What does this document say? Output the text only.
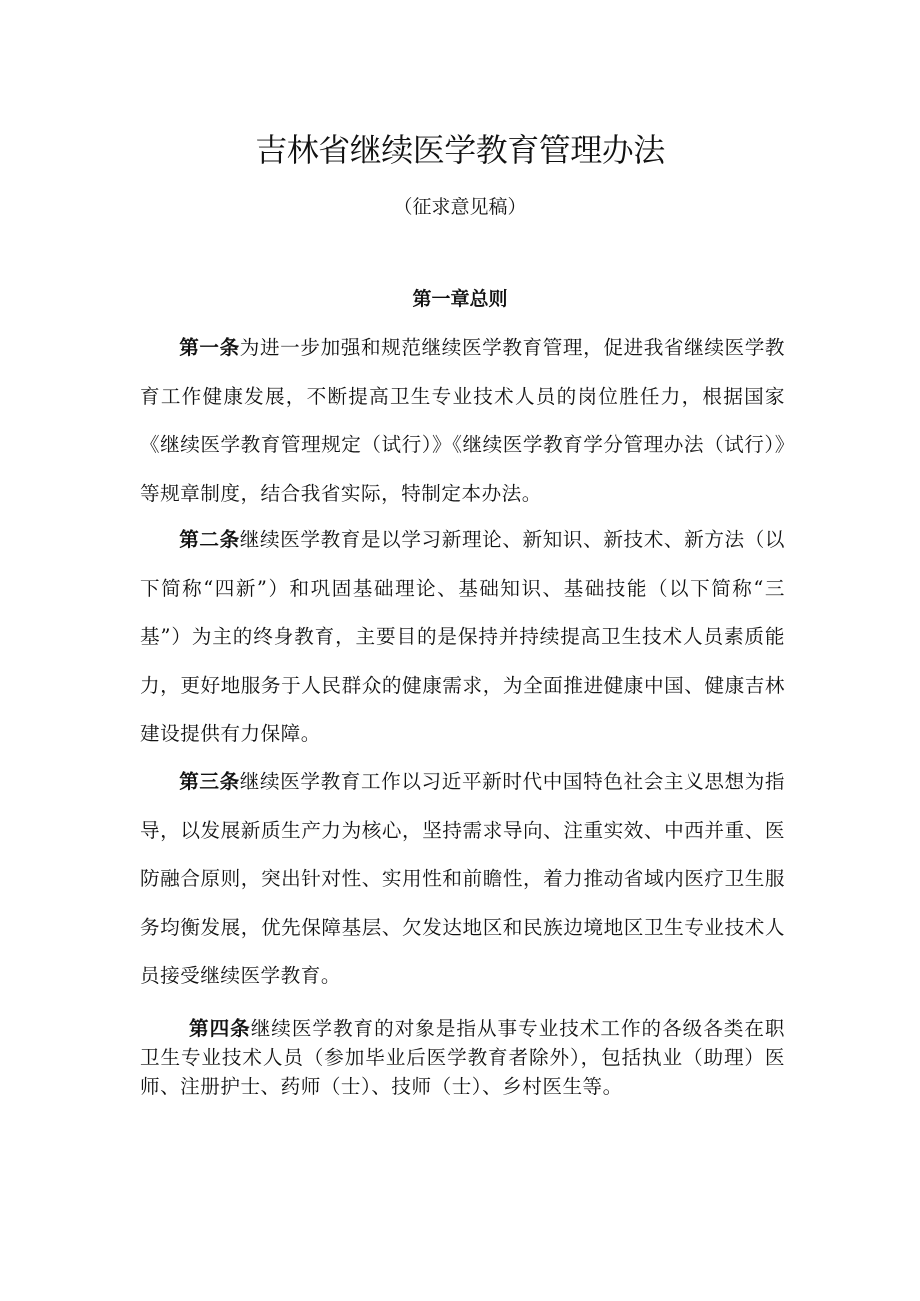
吉林省继续医学教育管理办法
（征求意见稿）
第一章总则

第一条为进一步加强和规范继续医学教育管理，促进我省继续医学教育工作健康发展，不断提高卫生专业技术人员的岗位胜任力，根据国家《继续医学教育管理规定（试行）》《继续医学教育学分管理办法（试行）》等规章制度，结合我省实际，特制定本办法。

第二条继续医学教育是以学习新理论、新知识、新技术、新方法（以下简称“四新”）和巩固基础理论、基础知识、基础技能（以下简称“三基”）为主的终身教育，主要目的是保持并持续提高卫生技术人员素质能力，更好地服务于人民群众的健康需求，为全面推进健康中国、健康吉林建设提供有力保障。

第三条继续医学教育工作以习近平新时代中国特色社会主义思想为指导，以发展新质生产力为核心，坚持需求导向、注重实效、中西并重、医防融合原则，突出针对性、实用性和前瞻性，着力推动省域内医疗卫生服务均衡发展，优先保障基层、欠发达地区和民族边境地区卫生专业技术人员接受继续医学教育。

第四条继续医学教育的对象是指从事专业技术工作的各级各类在职卫生专业技术人员（参加毕业后医学教育者除外），包括执业（助理）医师、注册护士、药师（士）、技师（士）、乡村医生等。
